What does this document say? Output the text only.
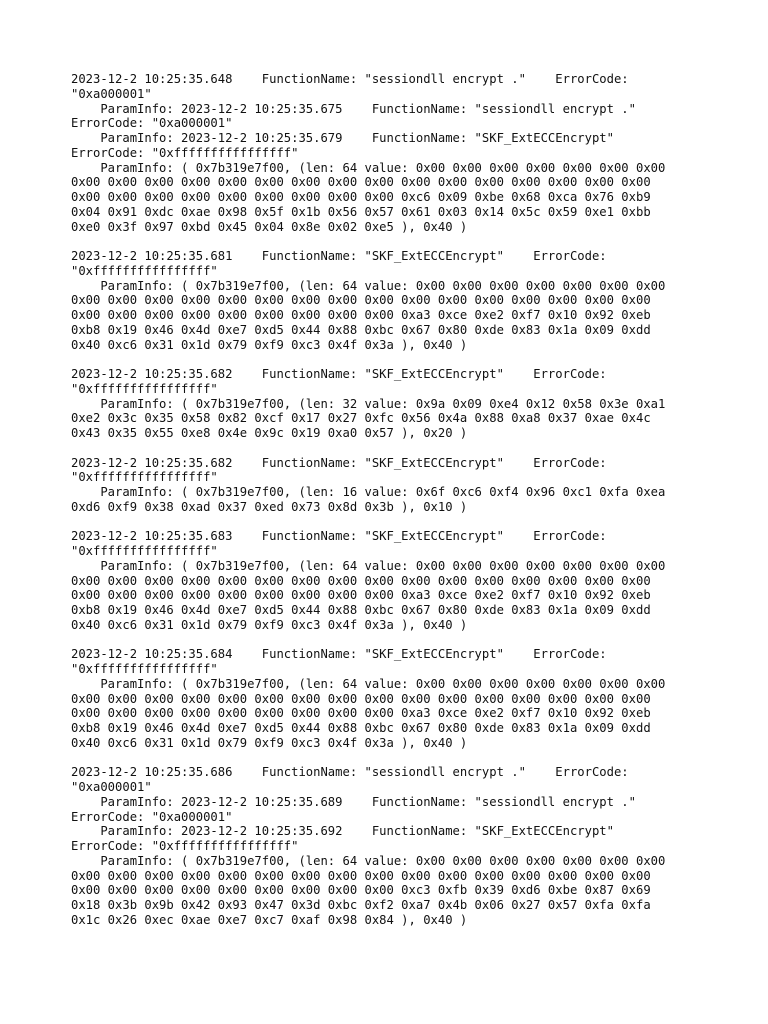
2023-12-2 10:25:35.648    FunctionName: "sessiondll encrypt ."    ErrorCode:
"0xa000001"
ParamInfo: 2023-12-2 10:25:35.675    FunctionName: "sessiondll encrypt ."
ErrorCode: "0xa000001"
ParamInfo: 2023-12-2 10:25:35.679    FunctionName: "SKF_ExtECCEncrypt"
ErrorCode: "0xffffffffffffffff"
ParamInfo: ( 0x7b319e7f00, (len: 64 value: 0x00 0x00 0x00 0x00 0x00 0x00 0x00
0x00 0x00 0x00 0x00 0x00 0x00 0x00 0x00 0x00 0x00 0x00 0x00 0x00 0x00 0x00 0x00
0x00 0x00 0x00 0x00 0x00 0x00 0x00 0x00 0x00 0xc6 0x09 0xbe 0x68 0xca 0x76 0xb9
0x04 0x91 0xdc 0xae 0x98 0x5f 0x1b 0x56 0x57 0x61 0x03 0x14 0x5c 0x59 0xe1 0xbb
0xe0 0x3f 0x97 0xbd 0x45 0x04 0x8e 0x02 0xe5 ), 0x40 )
2023-12-2 10:25:35.681    FunctionName: "SKF_ExtECCEncrypt"    ErrorCode:
"0xffffffffffffffff"
ParamInfo: ( 0x7b319e7f00, (len: 64 value: 0x00 0x00 0x00 0x00 0x00 0x00 0x00
0x00 0x00 0x00 0x00 0x00 0x00 0x00 0x00 0x00 0x00 0x00 0x00 0x00 0x00 0x00 0x00
0x00 0x00 0x00 0x00 0x00 0x00 0x00 0x00 0x00 0xa3 0xce 0xe2 0xf7 0x10 0x92 0xeb
0xb8 0x19 0x46 0x4d 0xe7 0xd5 0x44 0x88 0xbc 0x67 0x80 0xde 0x83 0x1a 0x09 0xdd
0x40 0xc6 0x31 0x1d 0x79 0xf9 0xc3 0x4f 0x3a ), 0x40 )
2023-12-2 10:25:35.682    FunctionName: "SKF_ExtECCEncrypt"    ErrorCode:
"0xffffffffffffffff"
ParamInfo: ( 0x7b319e7f00, (len: 32 value: 0x9a 0x09 0xe4 0x12 0x58 0x3e 0xa1
0xe2 0x3c 0x35 0x58 0x82 0xcf 0x17 0x27 0xfc 0x56 0x4a 0x88 0xa8 0x37 0xae 0x4c
0x43 0x35 0x55 0xe8 0x4e 0x9c 0x19 0xa0 0x57 ), 0x20 )
2023-12-2 10:25:35.682    FunctionName: "SKF_ExtECCEncrypt"    ErrorCode:
"0xffffffffffffffff"
ParamInfo: ( 0x7b319e7f00, (len: 16 value: 0x6f 0xc6 0xf4 0x96 0xc1 0xfa 0xea
0xd6 0xf9 0x38 0xad 0x37 0xed 0x73 0x8d 0x3b ), 0x10 )
2023-12-2 10:25:35.683    FunctionName: "SKF_ExtECCEncrypt"    ErrorCode:
"0xffffffffffffffff"
ParamInfo: ( 0x7b319e7f00, (len: 64 value: 0x00 0x00 0x00 0x00 0x00 0x00 0x00
0x00 0x00 0x00 0x00 0x00 0x00 0x00 0x00 0x00 0x00 0x00 0x00 0x00 0x00 0x00 0x00
0x00 0x00 0x00 0x00 0x00 0x00 0x00 0x00 0x00 0xa3 0xce 0xe2 0xf7 0x10 0x92 0xeb
0xb8 0x19 0x46 0x4d 0xe7 0xd5 0x44 0x88 0xbc 0x67 0x80 0xde 0x83 0x1a 0x09 0xdd
0x40 0xc6 0x31 0x1d 0x79 0xf9 0xc3 0x4f 0x3a ), 0x40 )
2023-12-2 10:25:35.684    FunctionName: "SKF_ExtECCEncrypt"    ErrorCode:
"0xffffffffffffffff"
ParamInfo: ( 0x7b319e7f00, (len: 64 value: 0x00 0x00 0x00 0x00 0x00 0x00 0x00
0x00 0x00 0x00 0x00 0x00 0x00 0x00 0x00 0x00 0x00 0x00 0x00 0x00 0x00 0x00 0x00
0x00 0x00 0x00 0x00 0x00 0x00 0x00 0x00 0x00 0xa3 0xce 0xe2 0xf7 0x10 0x92 0xeb
0xb8 0x19 0x46 0x4d 0xe7 0xd5 0x44 0x88 0xbc 0x67 0x80 0xde 0x83 0x1a 0x09 0xdd
0x40 0xc6 0x31 0x1d 0x79 0xf9 0xc3 0x4f 0x3a ), 0x40 )
2023-12-2 10:25:35.686    FunctionName: "sessiondll encrypt ."    ErrorCode:
"0xa000001"
ParamInfo: 2023-12-2 10:25:35.689    FunctionName: "sessiondll encrypt ."
ErrorCode: "0xa000001"
ParamInfo: 2023-12-2 10:25:35.692    FunctionName: "SKF_ExtECCEncrypt"
ErrorCode: "0xffffffffffffffff"
ParamInfo: ( 0x7b319e7f00, (len: 64 value: 0x00 0x00 0x00 0x00 0x00 0x00 0x00
0x00 0x00 0x00 0x00 0x00 0x00 0x00 0x00 0x00 0x00 0x00 0x00 0x00 0x00 0x00 0x00
0x00 0x00 0x00 0x00 0x00 0x00 0x00 0x00 0x00 0xc3 0xfb 0x39 0xd6 0xbe 0x87 0x69
0x18 0x3b 0x9b 0x42 0x93 0x47 0x3d 0xbc 0xf2 0xa7 0x4b 0x06 0x27 0x57 0xfa 0xfa
0x1c 0x26 0xec 0xae 0xe7 0xc7 0xaf 0x98 0x84 ), 0x40 )
